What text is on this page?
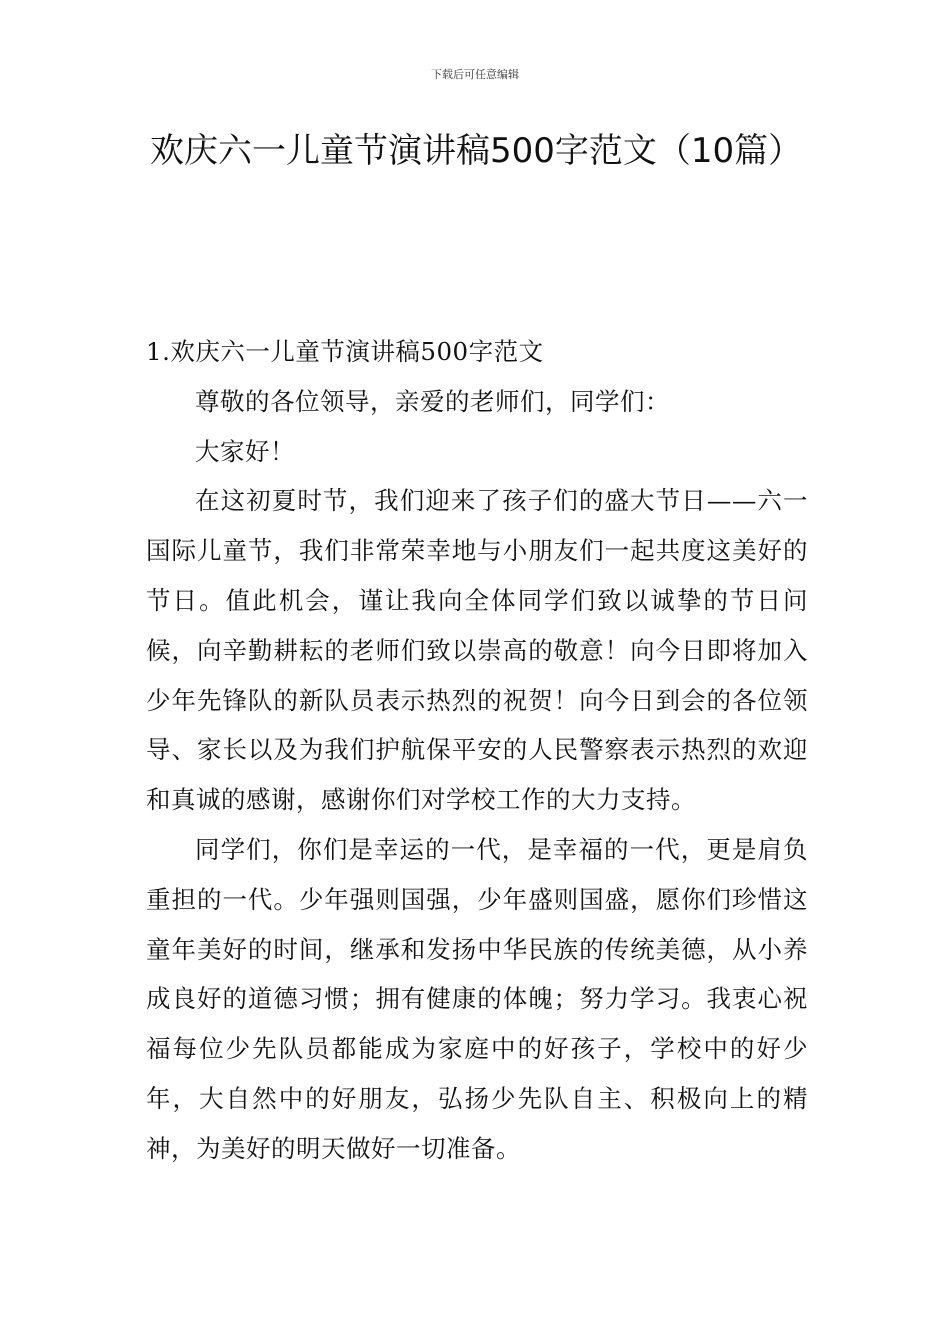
下载后可任意编辑
欢庆六一儿童节演讲稿500字范文（10篇）
1.欢庆六一儿童节演讲稿500字范文

尊敬的各位领导，亲爱的老师们，同学们：

大家好！

在这初夏时节，我们迎来了孩子们的盛大节日——六一国际儿童节，我们非常荣幸地与小朋友们一起共度这美好的节日。值此机会，谨让我向全体同学们致以诚挚的节日问候，向辛勤耕耘的老师们致以崇高的敬意！向今日即将加入少年先锋队的新队员表示热烈的祝贺！向今日到会的各位领导、家长以及为我们护航保平安的人民警察表示热烈的欢迎和真诚的感谢，感谢你们对学校工作的大力支持。

同学们，你们是幸运的一代，是幸福的一代，更是肩负重担的一代。少年强则国强，少年盛则国盛，愿你们珍惜这童年美好的时间，继承和发扬中华民族的传统美德，从小养成良好的道德习惯；拥有健康的体魄；努力学习。我衷心祝福每位少先队员都能成为家庭中的好孩子，学校中的好少年，大自然中的好朋友，弘扬少先队自主、积极向上的精神，为美好的明天做好一切准备。
